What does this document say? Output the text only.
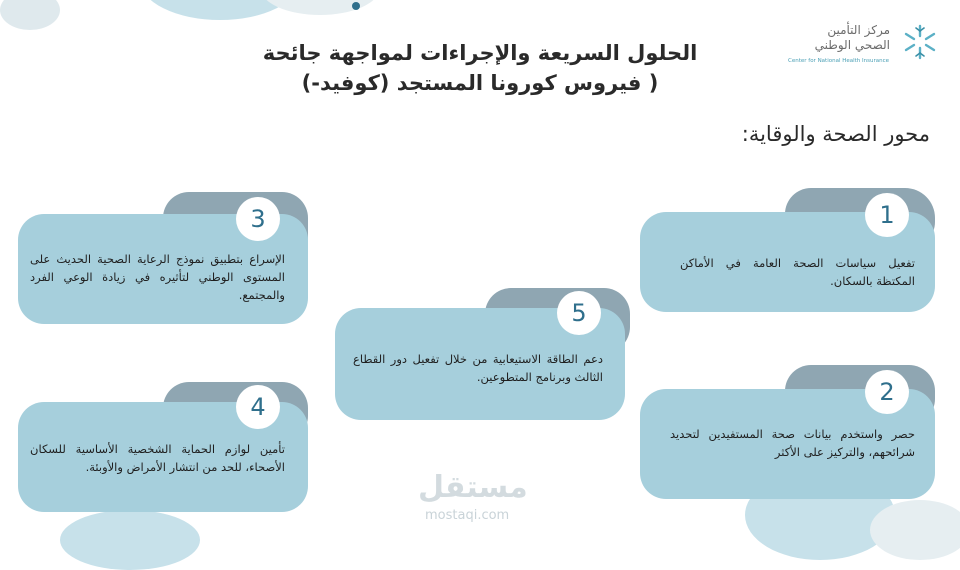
مركز التأمين
الصحي الوطني
Center for National Health Insurance
الحلول السريعة والإجراءات لمواجهة جائحة
( فيروس كورونا المستجد (كوفيد-)
محور الصحة والوقاية:
1
تفعيل سياسات الصحة العامة في الأماكن المكتظة بالسكان.
2
حصر واستخدم بيانات صحة المستفيدين لتحديد شرائحهم، والتركيز على الأكثر
3
الإسراع بتطبيق نموذج الرعاية الصحية الحديث على المستوى الوطني لتأثيره في زيادة الوعي الفرد والمجتمع.
4
تأمين لوازم الحماية الشخصية الأساسية للسكان الأصحاء، للحد من انتشار الأمراض والأوبئة.
5
دعم الطاقة الاستيعابية من خلال تفعيل دور القطاع الثالث وبرنامج المتطوعين.
مستقل
mostaqi.com
